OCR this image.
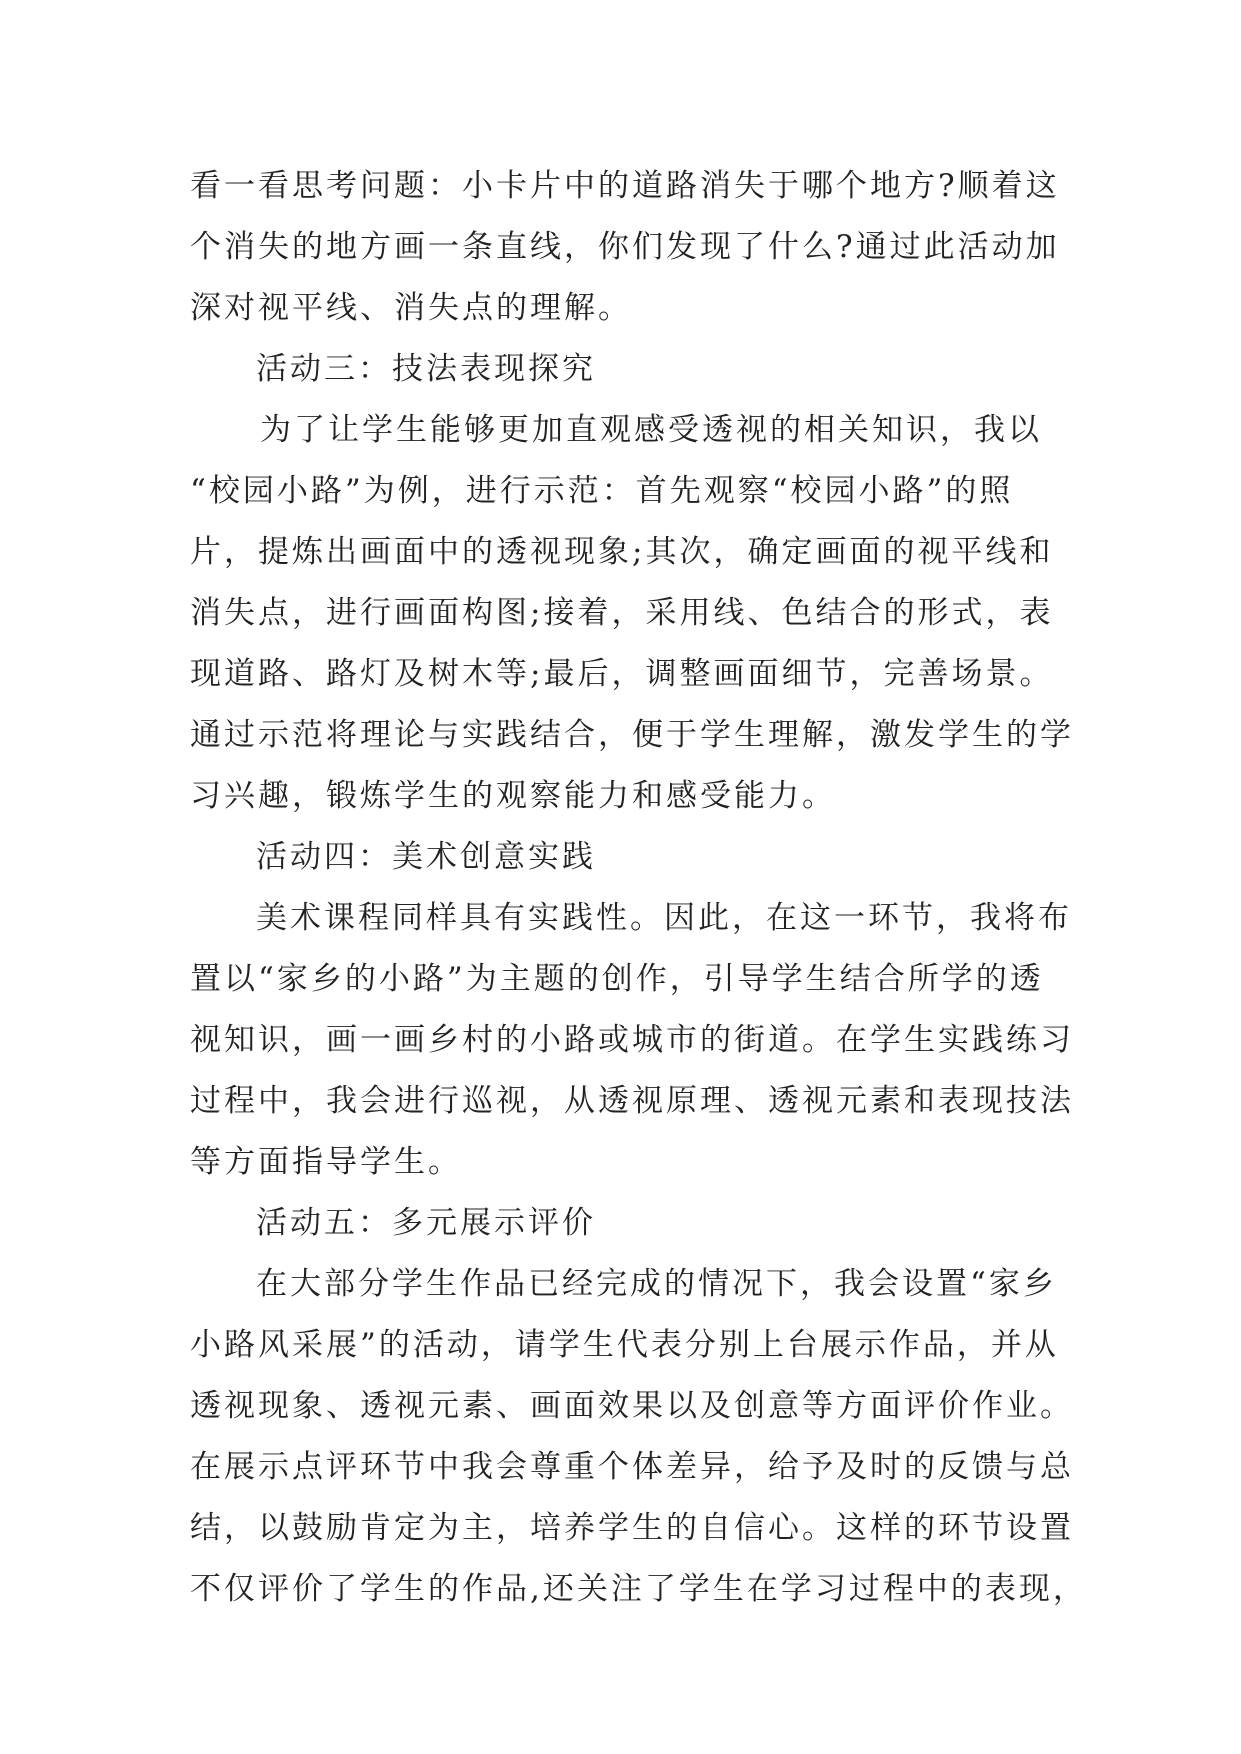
看一看思考问题：小卡片中的道路消失于哪个地方?顺着这
个消失的地方画一条直线，你们发现了什么?通过此活动加
深对视平线、消失点的理解。
活动三：技法表现探究
为了让学生能够更加直观感受透视的相关知识，我以
“校园小路”为例，进行示范：首先观察“校园小路”的照
片，提炼出画面中的透视现象;其次，确定画面的视平线和
消失点，进行画面构图;接着，采用线、色结合的形式，表
现道路、路灯及树木等;最后，调整画面细节，完善场景。
通过示范将理论与实践结合，便于学生理解，激发学生的学
习兴趣，锻炼学生的观察能力和感受能力。
活动四：美术创意实践
美术课程同样具有实践性。因此，在这一环节，我将布
置以“家乡的小路”为主题的创作，引导学生结合所学的透
视知识，画一画乡村的小路或城市的街道。在学生实践练习
过程中，我会进行巡视，从透视原理、透视元素和表现技法
等方面指导学生。
活动五：多元展示评价
在大部分学生作品已经完成的情况下，我会设置“家乡
小路风采展”的活动，请学生代表分别上台展示作品，并从
透视现象、透视元素、画面效果以及创意等方面评价作业。
在展示点评环节中我会尊重个体差异，给予及时的反馈与总
结，以鼓励肯定为主，培养学生的自信心。这样的环节设置
不仅评价了学生的作品,还关注了学生在学习过程中的表现，
